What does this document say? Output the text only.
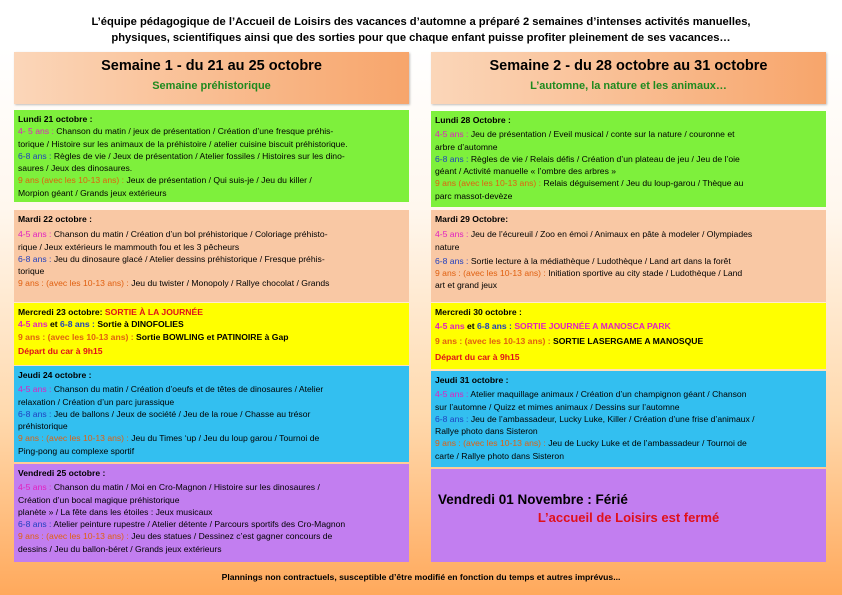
L’équipe pédagogique de l’Accueil de Loisirs des vacances d’automne a préparé 2 semaines d’intenses activités manuelles,
physiques, scientifiques ainsi que des sorties pour que chaque enfant puisse profiter pleinement de ses vacances…
Semaine 1 - du 21 au 25 octobre
Semaine préhistorique
Lundi 21 octobre :
4- 5 ans : Chanson du matin / jeux de présentation / Création d’une fresque préhis-
torique / Histoire sur les animaux de la préhistoire / atelier cuisine biscuit préhistorique.
6-8 ans : Règles de vie / Jeux de présentation / Atelier fossiles / Histoires sur les dino-
saures / Jeux des dinosaures.
9 ans (avec les 10-13 ans) : Jeux de présentation / Qui suis-je / Jeu du killer /
Morpion géant / Grands jeux extérieurs
Mardi 22 octobre :
4-5 ans : Chanson du matin / Création d’un bol préhistorique / Coloriage préhisto-
rique / Jeux extérieurs le mammouth fou et les 3 pêcheurs
6-8 ans : Jeu du dinosaure glacé / Atelier dessins préhistorique / Fresque préhis-
torique
9 ans : (avec les 10-13 ans) : Jeu du twister / Monopoly / Rallye chocolat / Grands
Mercredi 23 octobre: SORTIE À LA JOURNÉE
4-5 ans et 6-8 ans : Sortie à DINOFOLIES
9 ans : (avec les 10-13 ans) : Sortie BOWLING et PATINOIRE à Gap
Départ du car à 9h15
Jeudi 24 octobre :
4-5 ans : Chanson du matin / Création d’oeufs et de têtes de dinosaures / Atelier
relaxation / Création d’un parc jurassique
6-8 ans : Jeu de ballons / Jeux de société / Jeu de la roue / Chasse au trésor
préhistorique
9 ans : (avec les 10-13 ans) : Jeu du Times ‘up / Jeu du loup garou / Tournoi de
Ping-pong au complexe sportif
Vendredi 25 octobre :
4-5 ans : Chanson du matin / Moi en Cro-Magnon / Histoire sur les dinosaures /
Création d’un bocal magique préhistorique
planète » / La fête dans les étoiles : Jeux musicaux
6-8 ans : Atelier peinture rupestre / Atelier détente / Parcours sportifs des Cro-Magnon
9 ans : (avec les 10-13 ans) : Jeu des statues / Dessinez c’est gagner concours de
dessins / Jeu du ballon-béret / Grands jeux extérieurs
Semaine 2 - du 28 octobre au 31 octobre
L’automne, la nature et les animaux…
Lundi 28 Octobre :
4-5 ans : Jeu de présentation / Eveil musical / conte sur la nature / couronne et
arbre d’automne
6-8 ans : Règles de vie / Relais défis / Création d’un plateau de jeu / Jeu de l’oie
géant / Activité manuelle « l’ombre des arbres »
9 ans (avec les 10-13 ans) : Relais déguisement / Jeu du loup-garou / Thèque au
parc massot-devèze
Mardi 29 Octobre:
4-5 ans : Jeu de l’écureuil / Zoo en émoi / Animaux en pâte à modeler / Olympiades
nature
6-8 ans : Sortie lecture à la médiathèque / Ludothèque / Land art dans la forêt
9 ans : (avec les 10-13 ans) : Initiation sportive au city stade / Ludothèque / Land
art et grand jeux
Mercredi 30 octobre :
4-5 ans et 6-8 ans : SORTIE JOURNÉE A MANOSCA PARK
9 ans : (avec les 10-13 ans) : SORTIE LASERGAME A MANOSQUE
Départ du car à 9h15
Jeudi 31 octobre :
4-5 ans : Atelier maquillage animaux / Création d’un champignon géant / Chanson
sur l’automne / Quizz et mimes animaux / Dessins sur l’automne
6-8 ans : Jeu de l’ambassadeur, Lucky Luke, Killer / Création d’une frise d’animaux /
Rallye photo dans Sisteron
9 ans : (avec les 10-13 ans) : Jeu de Lucky Luke et de l’ambassadeur / Tournoi de
carte / Rallye photo dans Sisteron
Vendredi 01 Novembre : Férié
L’accueil de Loisirs est fermé
Plannings non contractuels, susceptible d’être modifié en fonction du temps et autres imprévus...
